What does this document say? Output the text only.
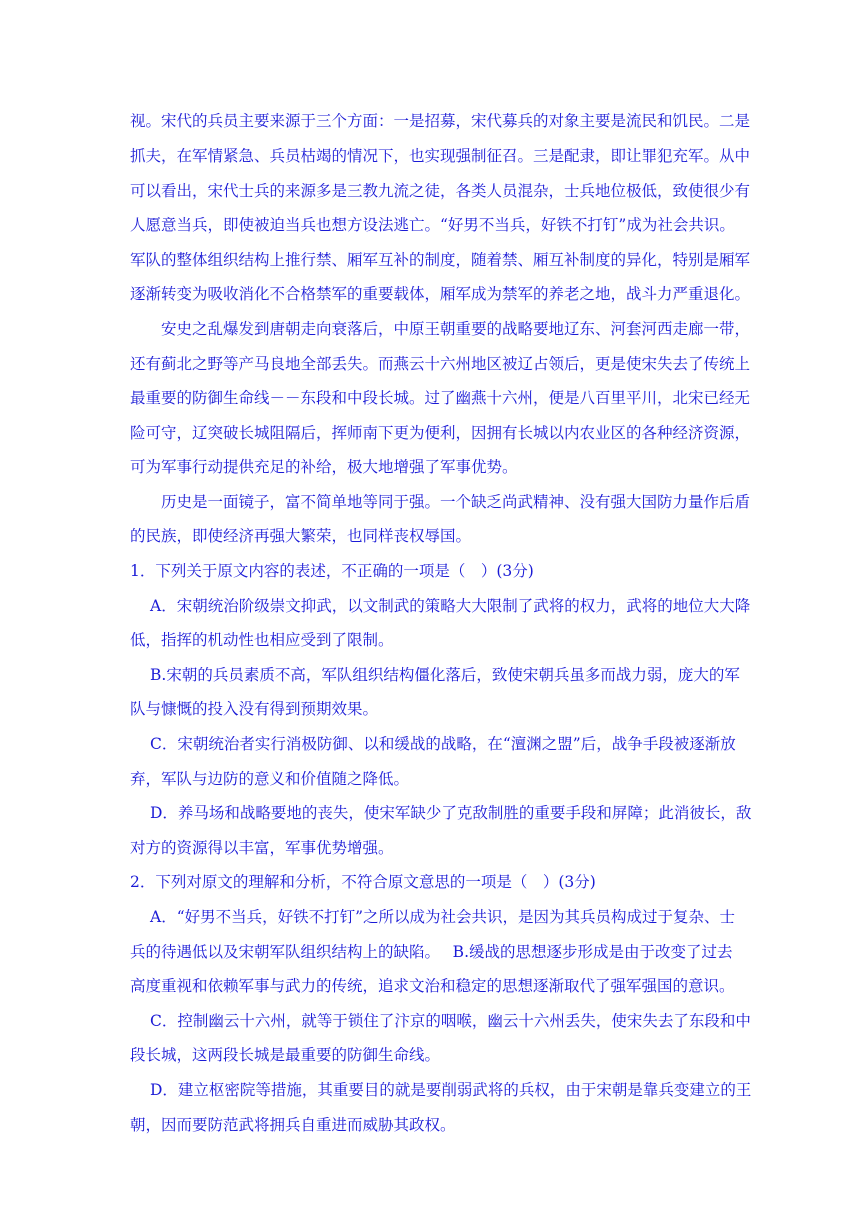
视。宋代的兵员主要来源于三个方面：一是招募，宋代募兵的对象主要是流民和饥民。二是
抓夫，在军情紧急、兵员枯竭的情况下，也实现强制征召。三是配隶，即让罪犯充军。从中
可以看出，宋代士兵的来源多是三教九流之徒，各类人员混杂，士兵地位极低，致使很少有
人愿意当兵，即使被迫当兵也想方设法逃亡。“好男不当兵，好铁不打钉”成为社会共识。
军队的整体组织结构上推行禁、厢军互补的制度，随着禁、厢互补制度的异化，特别是厢军
逐渐转变为吸收消化不合格禁军的重要载体，厢军成为禁军的养老之地，战斗力严重退化。
安史之乱爆发到唐朝走向衰落后，中原王朝重要的战略要地辽东、河套河西走廊一带，
还有蓟北之野等产马良地全部丢失。而燕云十六州地区被辽占领后，更是使宋失去了传统上
最重要的防御生命线－－东段和中段长城。过了幽燕十六州，便是八百里平川，北宋已经无
险可守，辽突破长城阻隔后，挥师南下更为便利，因拥有长城以内农业区的各种经济资源，
可为军事行动提供充足的补给，极大地增强了军事优势。
历史是一面镜子，富不简单地等同于强。一个缺乏尚武精神、没有强大国防力量作后盾
的民族，即使经济再强大繁荣，也同样丧权辱国。
1．下列关于原文内容的表述，不正确的一项是（　）(3分)
A．宋朝统治阶级崇文抑武，以文制武的策略大大限制了武将的权力，武将的地位大大降
低，指挥的机动性也相应受到了限制。
B.宋朝的兵员素质不高，军队组织结构僵化落后，致使宋朝兵虽多而战力弱，庞大的军
队与慷慨的投入没有得到预期效果。
C．宋朝统治者实行消极防御、以和缓战的战略，在“澶渊之盟”后，战争手段被逐渐放
弃，军队与边防的意义和价值随之降低。
D．养马场和战略要地的丧失，使宋军缺少了克敌制胜的重要手段和屏障；此消彼长，敌
对方的资源得以丰富，军事优势增强。
2．下列对原文的理解和分析，不符合原文意思的一项是（　）(3分)
A．“好男不当兵，好铁不打钉”之所以成为社会共识，是因为其兵员构成过于复杂、士
兵的待遇低以及宋朝军队组织结构上的缺陷。　 B.缓战的思想逐步形成是由于改变了过去
高度重视和依赖军事与武力的传统，追求文治和稳定的思想逐渐取代了强军强国的意识。
C．控制幽云十六州，就等于锁住了汴京的咽喉，幽云十六州丢失，使宋失去了东段和中
段长城，这两段长城是最重要的防御生命线。
D．建立枢密院等措施，其重要目的就是要削弱武将的兵权，由于宋朝是靠兵变建立的王
朝，因而要防范武将拥兵自重进而威胁其政权。
